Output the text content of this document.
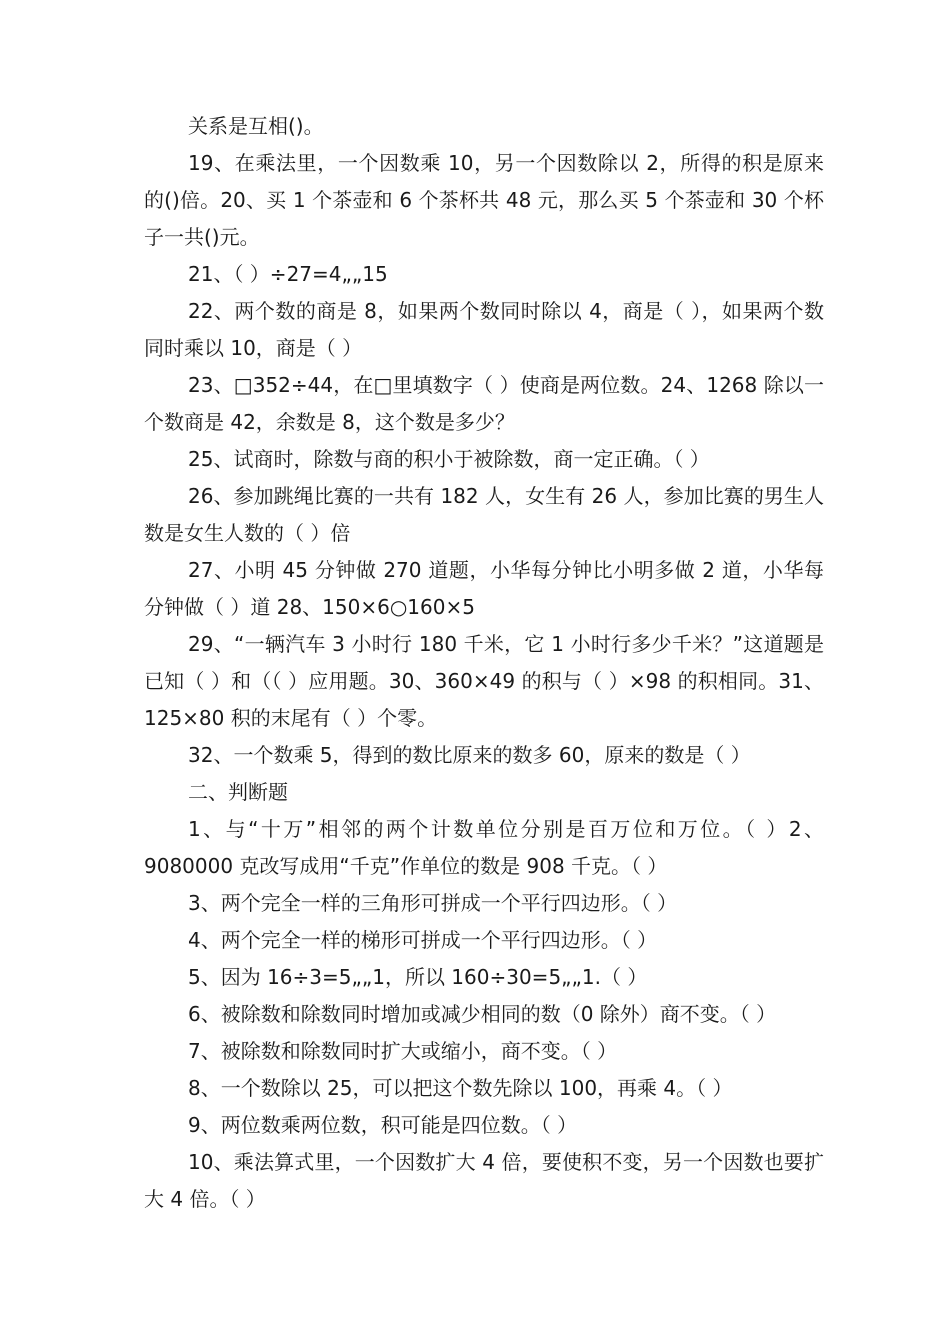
关系是互相()。

19、在乘法里，一个因数乘 10，另一个因数除以 2，所得的积是原来的()倍。20、买 1 个茶壶和 6 个茶杯共 48 元，那么买 5 个茶壶和 30 个杯子一共()元。

21、（ ）÷27=4„„15

22、两个数的商是 8，如果两个数同时除以 4，商是（ ），如果两个数同时乘以 10，商是（ ）

23、□352÷44，在□里填数字（ ）使商是两位数。24、1268 除以一个数商是 42，余数是 8，这个数是多少？

25、试商时，除数与商的积小于被除数，商一定正确。（ ）

26、参加跳绳比赛的一共有 182 人，女生有 26 人，参加比赛的男生人数是女生人数的（ ）倍

27、小明 45 分钟做 270 道题，小华每分钟比小明多做 2 道，小华每分钟做（ ）道 28、150×6○160×5

29、“一辆汽车 3 小时行 180 千米，它 1 小时行多少千米？”这道题是已知（ ）和（（ ）应用题。30、360×49 的积与（ ）×98 的积相同。31、125×80 积的末尾有（ ）个零。

32、一个数乘 5，得到的数比原来的数多 60，原来的数是（ ）

二、判断题

1、与“十万”相邻的两个计数单位分别是百万位和万位。（ ）2、9080000 克改写成用“千克”作单位的数是 908 千克。（ ）

3、两个完全一样的三角形可拼成一个平行四边形。（ ）

4、两个完全一样的梯形可拼成一个平行四边形。（ ）

5、因为 16÷3=5„„1，所以 160÷30=5„„1.（ ）

6、被除数和除数同时增加或减少相同的数（0 除外）商不变。（ ）

7、被除数和除数同时扩大或缩小，商不变。（ ）

8、一个数除以 25，可以把这个数先除以 100，再乘 4。（ ）

9、两位数乘两位数，积可能是四位数。（ ）

10、乘法算式里，一个因数扩大 4 倍，要使积不变，另一个因数也要扩大 4 倍。（ ）
